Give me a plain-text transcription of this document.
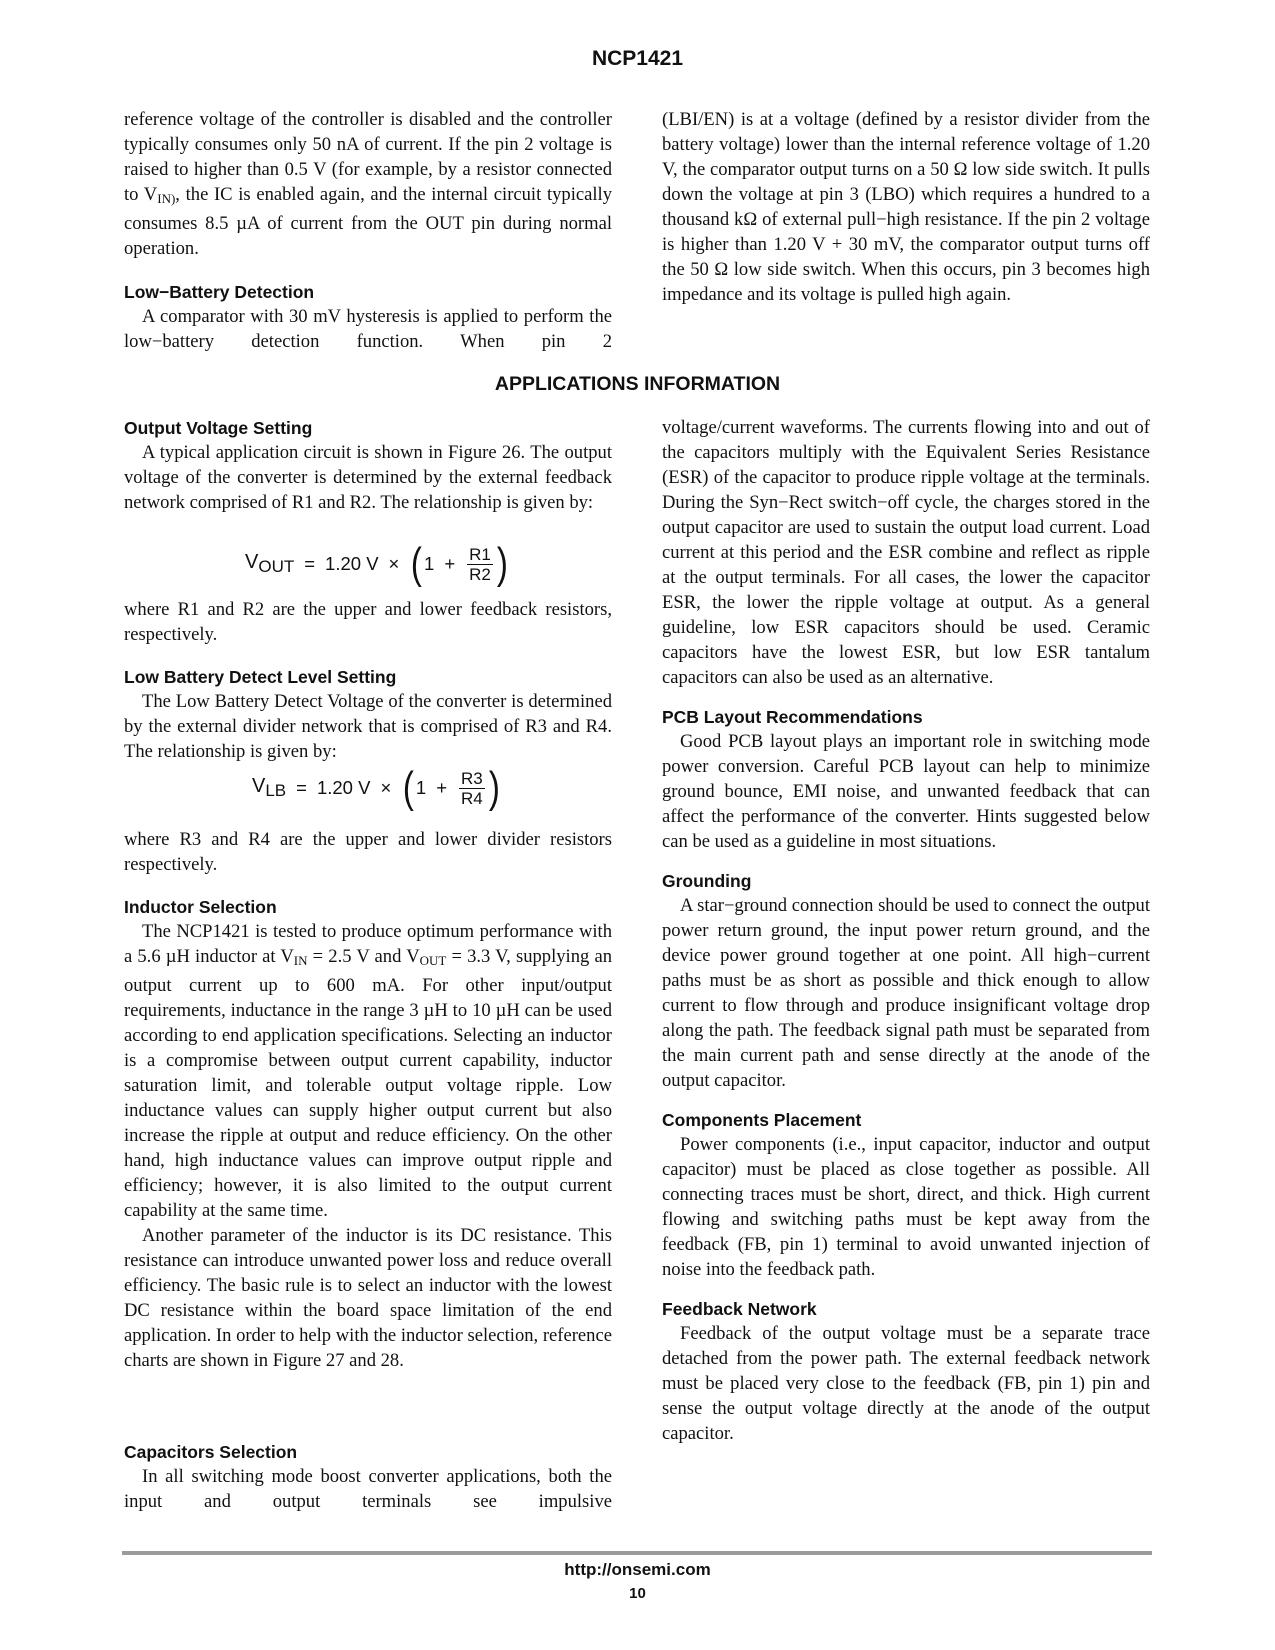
NCP1421

reference voltage of the controller is disabled and the controller typically consumes only 50 nA of current. If the pin 2 voltage is raised to higher than 0.5 V (for example, by a resistor connected to $V_{IN)}$, the IC is enabled again, and the internal circuit typically consumes 8.5 µA of current from the OUT pin during normal operation.

Low−Battery Detection

A comparator with 30 mV hysteresis is applied to perform the low−battery detection function. When pin 2

(LBI/EN) is at a voltage (defined by a resistor divider from the battery voltage) lower than the internal reference voltage of 1.20 V, the comparator output turns on a 50 Ω low side switch. It pulls down the voltage at pin 3 (LBO) which requires a hundred to a thousand kΩ of external pull−high resistance. If the pin 2 voltage is higher than 1.20 V + 30 mV, the comparator output turns off the 50 Ω low side switch. When this occurs, pin 3 becomes high impedance and its voltage is pulled high again.

APPLICATIONS INFORMATION
Output Voltage Setting

A typical application circuit is shown in Figure 26. The output voltage of the converter is determined by the external feedback network comprised of R1 and R2. The relationship is given by:

$V_{OUT} = 1.20$ V × ( $1 + \frac{R1}{R2}$ )

where R1 and R2 are the upper and lower feedback resistors, respectively.

Low Battery Detect Level Setting

The Low Battery Detect Voltage of the converter is determined by the external divider network that is comprised of R3 and R4. The relationship is given by:

$V_{LB} = 1.20$ V × ( $1 + \frac{R3}{R4}$ )

where R3 and R4 are the upper and lower divider resistors respectively.

Inductor Selection

The NCP1421 is tested to produce optimum performance with a 5.6 µH inductor at $V_{IN} = 2.5$ V and $V_{OUT} = 3.3$ V, supplying an output current up to 600 mA. For other input/output requirements, inductance in the range 3 µH to 10 µH can be used according to end application specifications. Selecting an inductor is a compromise between output current capability, inductor saturation limit, and tolerable output voltage ripple. Low inductance values can supply higher output current but also increase the ripple at output and reduce efficiency. On the other hand, high inductance values can improve output ripple and efficiency; however, it is also limited to the output current capability at the same time.

Another parameter of the inductor is its DC resistance. This resistance can introduce unwanted power loss and reduce overall efficiency. The basic rule is to select an inductor with the lowest DC resistance within the board space limitation of the end application. In order to help with the inductor selection, reference charts are shown in Figure 27 and 28.

Capacitors Selection

In all switching mode boost converter applications, both the input and output terminals see impulsive

voltage/current waveforms. The currents flowing into and out of the capacitors multiply with the Equivalent Series Resistance (ESR) of the capacitor to produce ripple voltage at the terminals. During the Syn−Rect switch−off cycle, the charges stored in the output capacitor are used to sustain the output load current. Load current at this period and the ESR combine and reflect as ripple at the output terminals. For all cases, the lower the capacitor ESR, the lower the ripple voltage at output. As a general guideline, low ESR capacitors should be used. Ceramic capacitors have the lowest ESR, but low ESR tantalum capacitors can also be used as an alternative.

PCB Layout Recommendations

Good PCB layout plays an important role in switching mode power conversion. Careful PCB layout can help to minimize ground bounce, EMI noise, and unwanted feedback that can affect the performance of the converter. Hints suggested below can be used as a guideline in most situations.

Grounding

A star−ground connection should be used to connect the output power return ground, the input power return ground, and the device power ground together at one point. All high−current paths must be as short as possible and thick enough to allow current to flow through and produce insignificant voltage drop along the path. The feedback signal path must be separated from the main current path and sense directly at the anode of the output capacitor.

Components Placement

Power components (i.e., input capacitor, inductor and output capacitor) must be placed as close together as possible. All connecting traces must be short, direct, and thick. High current flowing and switching paths must be kept away from the feedback (FB, pin 1) terminal to avoid unwanted injection of noise into the feedback path.

Feedback Network

Feedback of the output voltage must be a separate trace detached from the power path. The external feedback network must be placed very close to the feedback (FB, pin 1) pin and sense the output voltage directly at the anode of the output capacitor.

http://onsemi.com

10
